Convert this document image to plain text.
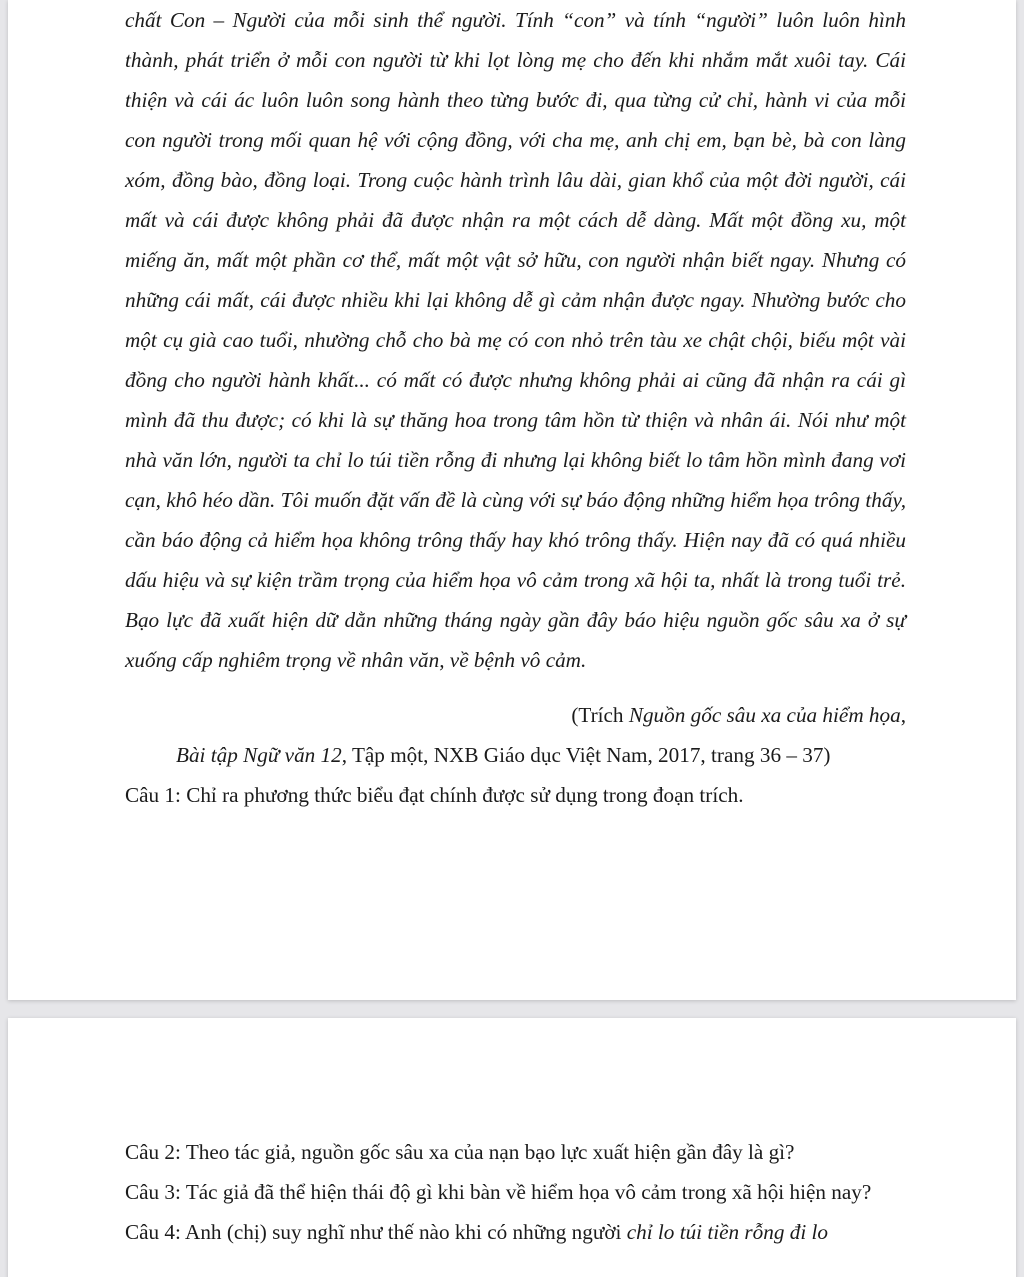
chất Con – Người của mỗi sinh thể người. Tính “con” và tính “người” luôn luôn hình thành, phát triển ở mỗi con người từ khi lọt lòng mẹ cho đến khi nhắm mắt xuôi tay. Cái thiện và cái ác luôn luôn song hành theo từng bước đi, qua từng cử chỉ, hành vi của mỗi con người trong mối quan hệ với cộng đồng, với cha mẹ, anh chị em, bạn bè, bà con làng xóm, đồng bào, đồng loại. Trong cuộc hành trình lâu dài, gian khổ của một đời người, cái mất và cái được không phải đã được nhận ra một cách dễ dàng. Mất một đồng xu, một miếng ăn, mất một phần cơ thể, mất một vật sở hữu, con người nhận biết ngay. Nhưng có những cái mất, cái được nhiều khi lại không dễ gì cảm nhận được ngay. Nhường bước cho một cụ già cao tuổi, nhường chỗ cho bà mẹ có con nhỏ trên tàu xe chật chội, biếu một vài đồng cho người hành khất... có mất có được nhưng không phải ai cũng đã nhận ra cái gì mình đã thu được; có khi là sự thăng hoa trong tâm hồn từ thiện và nhân ái. Nói như một nhà văn lớn, người ta chỉ lo túi tiền rỗng đi nhưng lại không biết lo tâm hồn mình đang vơi cạn, khô héo dần. Tôi muốn đặt vấn đề là cùng với sự báo động những hiểm họa trông thấy, cần báo động cả hiểm họa không trông thấy hay khó trông thấy. Hiện nay đã có quá nhiều dấu hiệu và sự kiện trầm trọng của hiểm họa vô cảm trong xã hội ta, nhất là trong tuổi trẻ. Bạo lực đã xuất hiện dữ dằn những tháng ngày gần đây báo hiệu nguồn gốc sâu xa ở sự xuống cấp nghiêm trọng về nhân văn, về bệnh vô cảm.

(Trích Nguồn gốc sâu xa của hiểm họa,

Bài tập Ngữ văn 12, Tập một, NXB Giáo dục Việt Nam, 2017, trang 36 – 37)

Câu 1: Chỉ ra phương thức biểu đạt chính được sử dụng trong đoạn trích.

Câu 2: Theo tác giả, nguồn gốc sâu xa của nạn bạo lực xuất hiện gần đây là gì?

Câu 3: Tác giả đã thể hiện thái độ gì khi bàn về hiểm họa vô cảm trong xã hội hiện nay?

Câu 4: Anh (chị) suy nghĩ như thế nào khi có những người chỉ lo túi tiền rỗng đi lo
